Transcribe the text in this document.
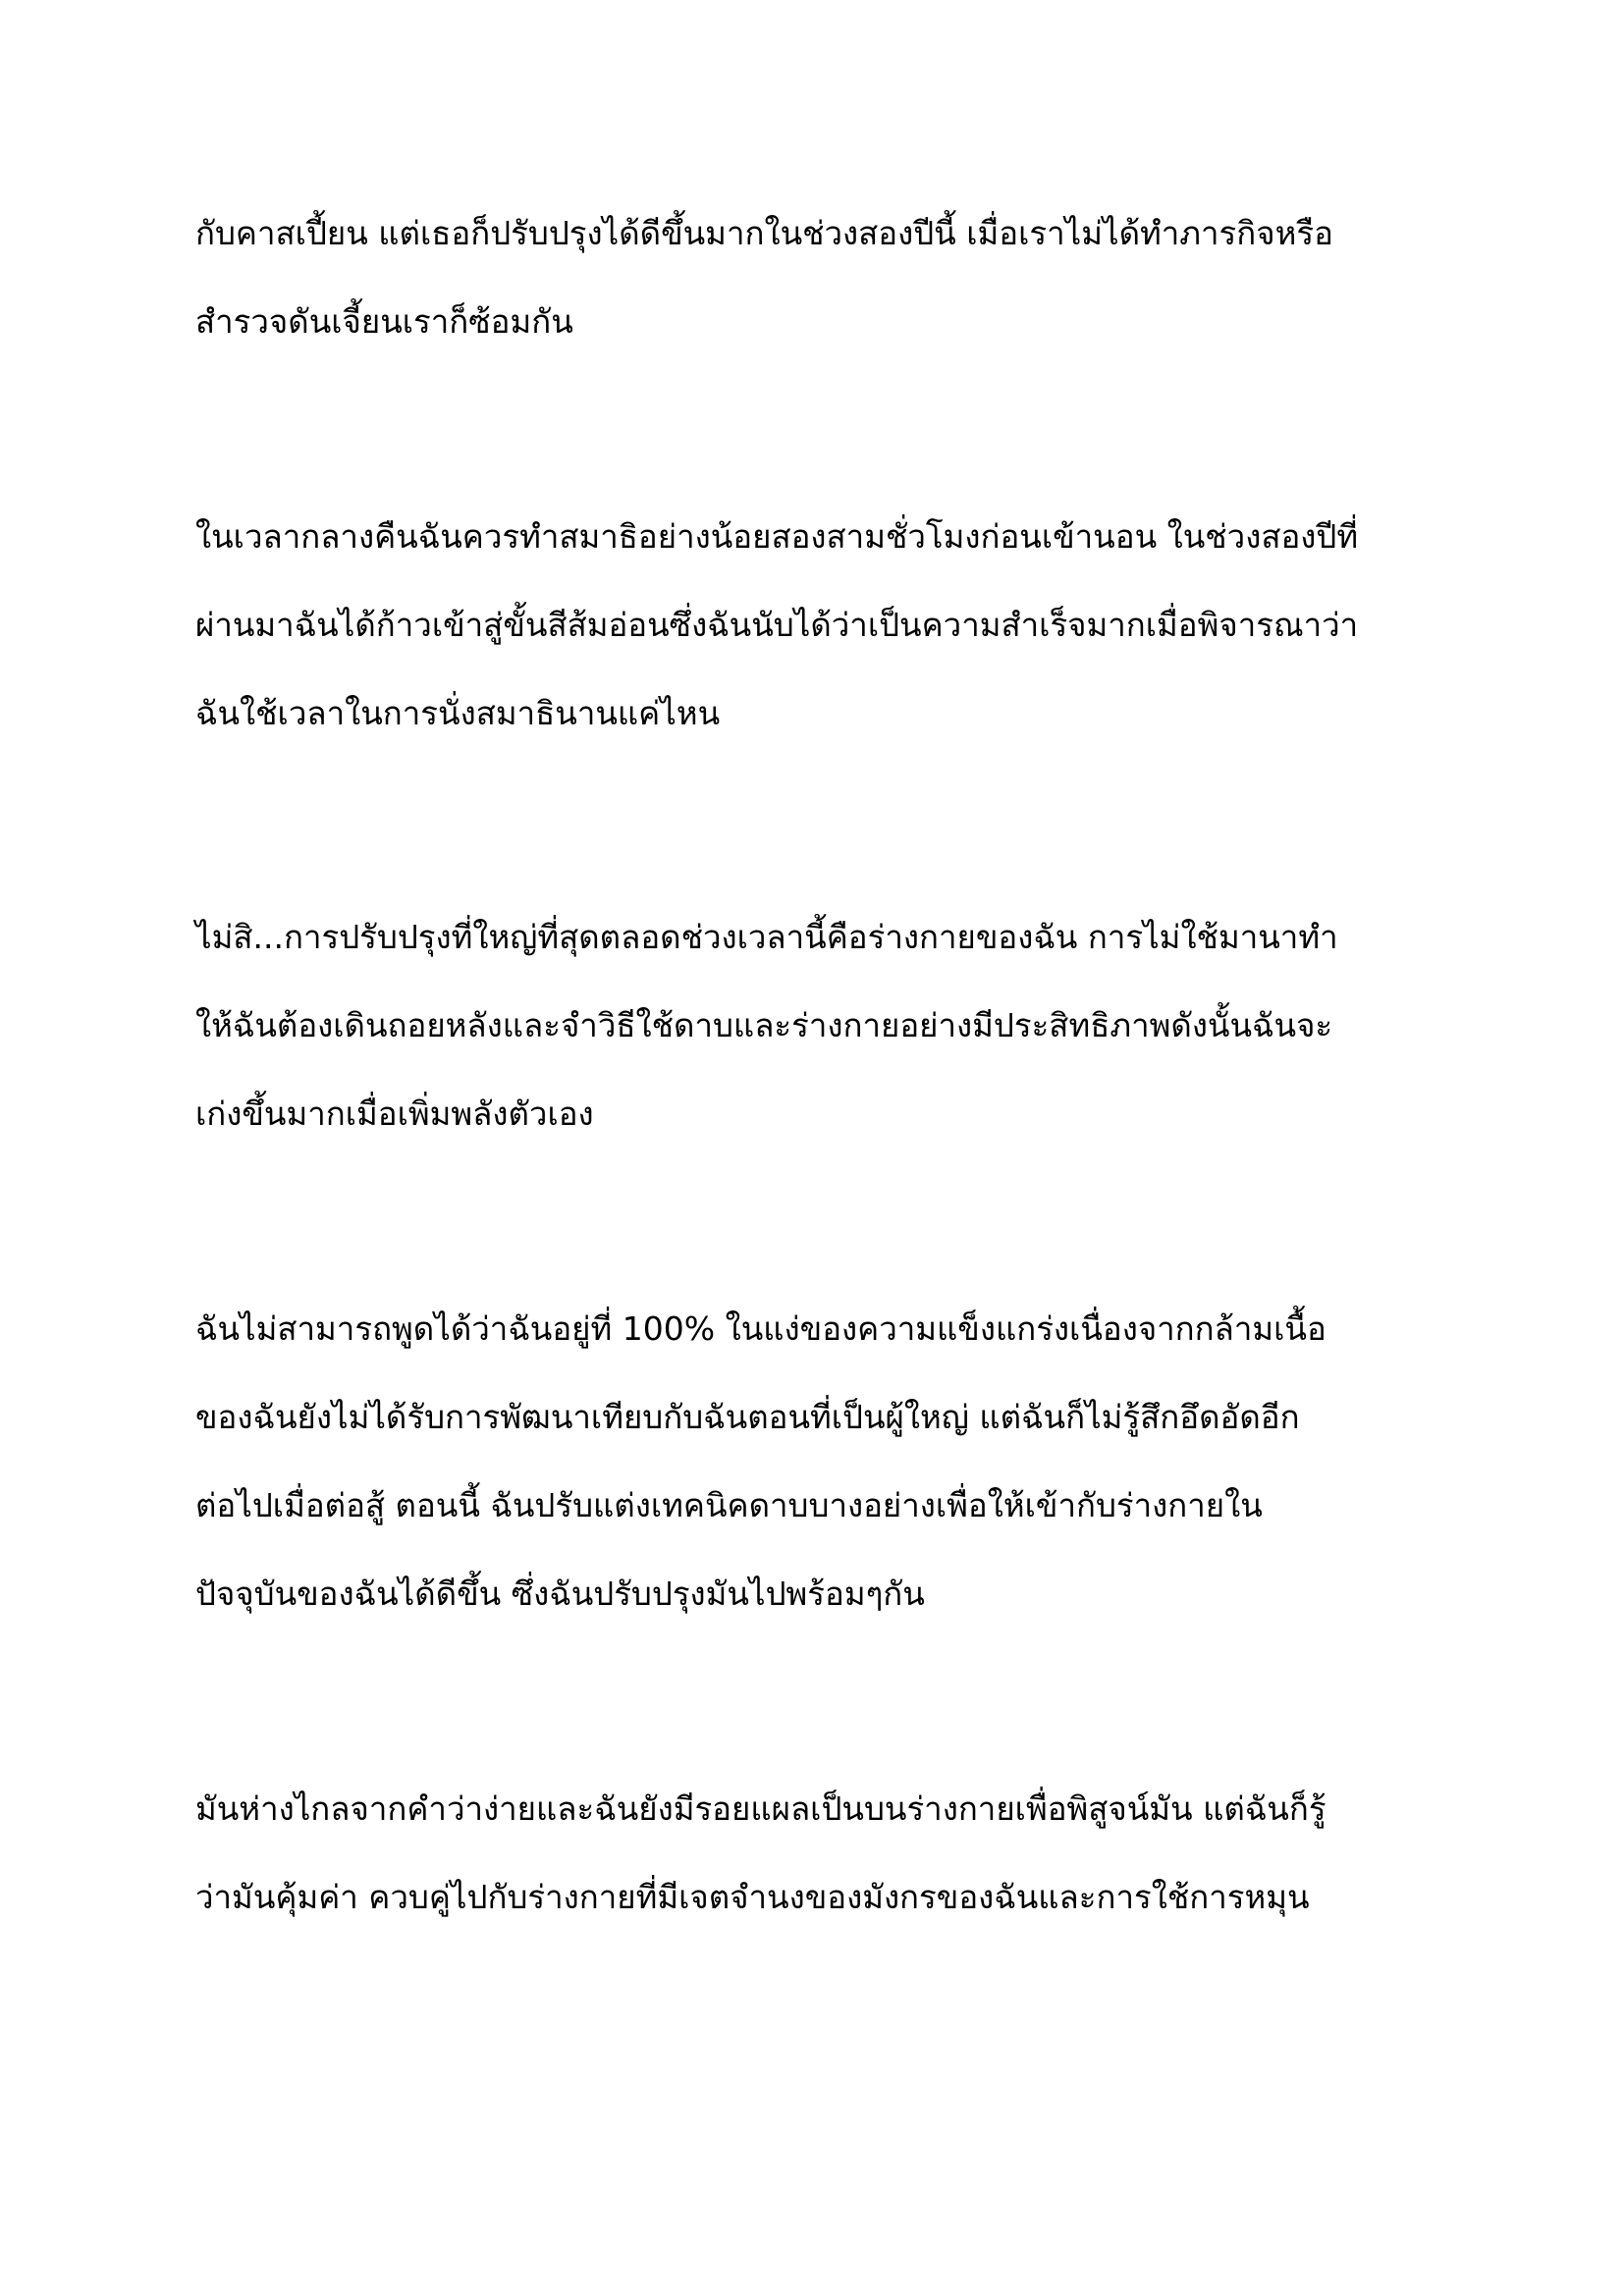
กับคาสเปี้ยน แต่เธอก็ปรับปรุงได้ดีขึ้นมากในช่วงสองปีนี้ เมื่อเราไม่ได้ทำภารกิจหรือ
สำรวจดันเจี้ยนเราก็ซ้อมกัน
ในเวลากลางคืนฉันควรทำสมาธิอย่างน้อยสองสามชั่วโมงก่อนเข้านอน ในช่วงสองปีที่
ผ่านมาฉันได้ก้าวเข้าสู่ขั้นสีส้มอ่อนซึ่งฉันนับได้ว่าเป็นความสำเร็จมากเมื่อพิจารณาว่า
ฉันใช้เวลาในการนั่งสมาธินานแค่ไหน
ไม่สิ...การปรับปรุงที่ใหญ่ที่สุดตลอดช่วงเวลานี้คือร่างกายของฉัน การไม่ใช้มานาทำ
ให้ฉันต้องเดินถอยหลังและจำวิธีใช้ดาบและร่างกายอย่างมีประสิทธิภาพดังนั้นฉันจะ
เก่งขึ้นมากเมื่อเพิ่มพลังตัวเอง
ฉันไม่สามารถพูดได้ว่าฉันอยู่ที่ 100% ในแง่ของความแข็งแกร่งเนื่องจากกล้ามเนื้อ
ของฉันยังไม่ได้รับการพัฒนาเทียบกับฉันตอนที่เป็นผู้ใหญ่ แต่ฉันก็ไม่รู้สึกอึดอัดอีก
ต่อไปเมื่อต่อสู้ ตอนนี้ ฉันปรับแต่งเทคนิคดาบบางอย่างเพื่อให้เข้ากับร่างกายใน
ปัจจุบันของฉันได้ดีขึ้น ซึ่งฉันปรับปรุงมันไปพร้อมๆกัน
มันห่างไกลจากคำว่าง่ายและฉันยังมีรอยแผลเป็นบนร่างกายเพื่อพิสูจน์มัน แต่ฉันก็รู้
ว่ามันคุ้มค่า ควบคู่ไปกับร่างกายที่มีเจตจำนงของมังกรของฉันและการใช้การหมุน
